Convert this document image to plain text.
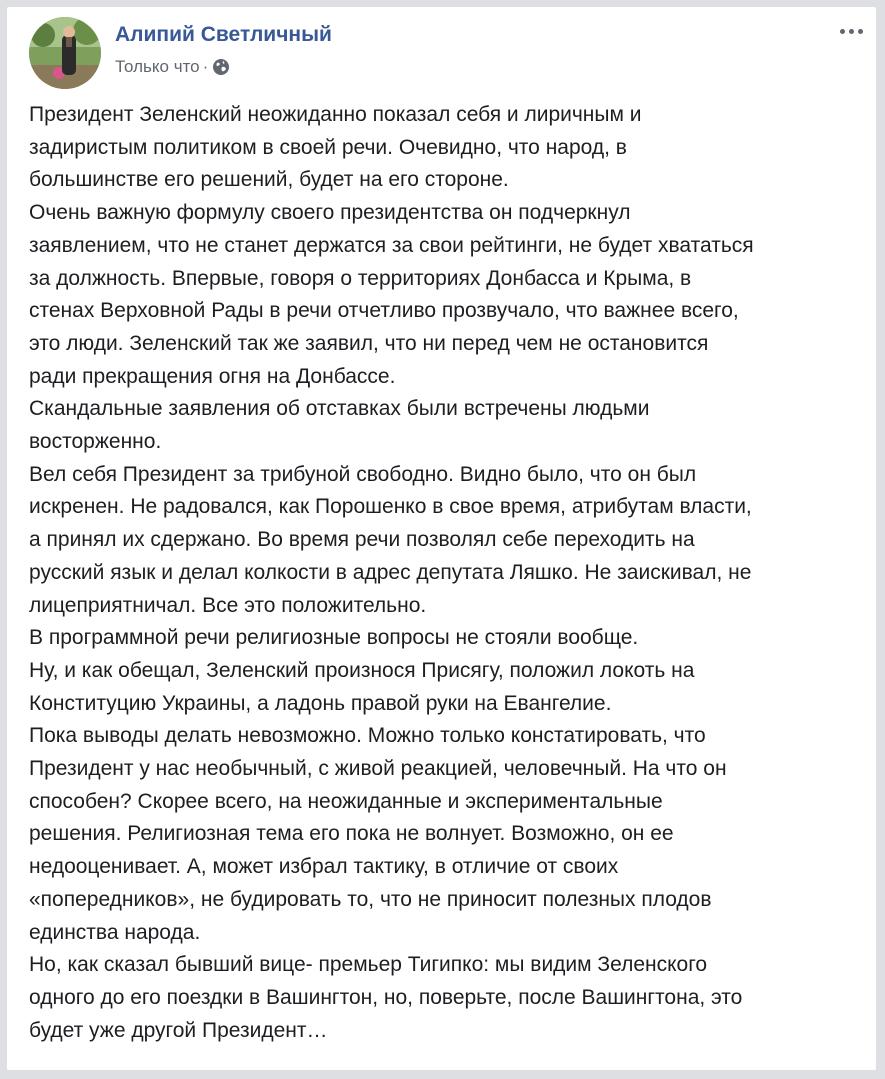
Алипий Светличный
Только что ·

Президент Зеленский неожиданно показал себя и лиричным и
задиристым политиком в своей речи. Очевидно, что народ, в
большинстве его решений, будет на его стороне.

Очень важную формулу своего президентства он подчеркнул
заявлением, что не станет держатся за свои рейтинги, не будет хвататься
за должность. Впервые, говоря о территориях Донбасса и Крыма, в
стенах Верховной Рады в речи отчетливо прозвучало, что важнее всего,
это люди. Зеленский так же заявил, что ни перед чем не остановится
ради прекращения огня на Донбассе.

Скандальные заявления об отставках были встречены людьми
восторженно.

Вел себя Президент за трибуной свободно. Видно было, что он был
искренен. Не радовался, как Порошенко в свое время, атрибутам власти,
а принял их сдержано. Во время речи позволял себе переходить на
русский язык и делал колкости в адрес депутата Ляшко. Не заискивал, не
лицеприятничал. Все это положительно.

В программной речи религиозные вопросы не стояли вообще.

Ну, и как обещал, Зеленский произнося Присягу, положил локоть на
Конституцию Украины, а ладонь правой руки на Евангелие.

Пока выводы делать невозможно. Можно только констатировать, что
Президент у нас необычный, с живой реакцией, человечный. На что он
способен? Скорее всего, на неожиданные и экспериментальные
решения. Религиозная тема его пока не волнует. Возможно, он ее
недооценивает. А, может избрал тактику, в отличие от своих
«попередников», не будировать то, что не приносит полезных плодов
единства народа.

Но, как сказал бывший вице- премьер Тигипко: мы видим Зеленского
одного до его поездки в Вашингтон, но, поверьте, после Вашингтона, это
будет уже другой Президент…
